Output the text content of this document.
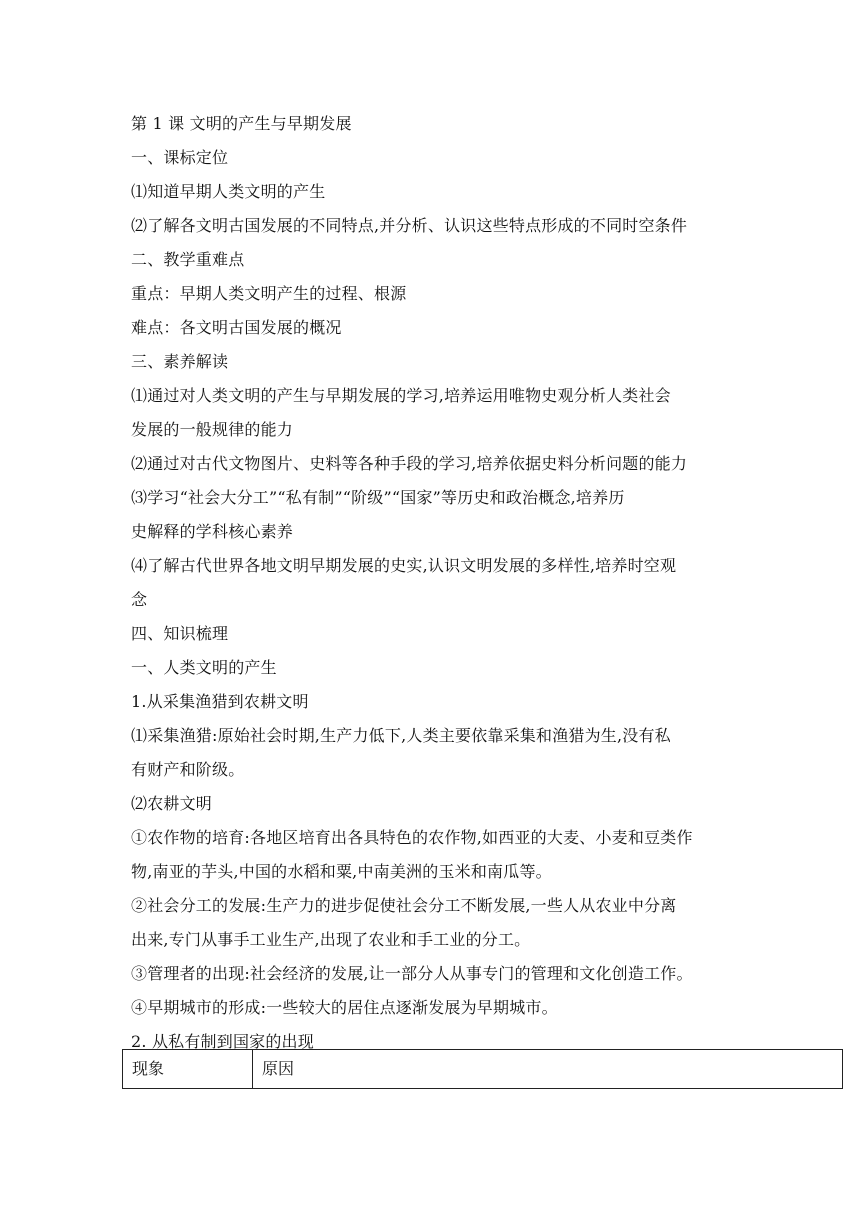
第 1 课 文明的产生与早期发展
一、课标定位
⑴知道早期人类文明的产生
⑵了解各文明古国发展的不同特点,并分析、认识这些特点形成的不同时空条件
二、教学重难点
重点：早期人类文明产生的过程、根源
难点：各文明古国发展的概况
三、素养解读
⑴通过对人类文明的产生与早期发展的学习,培养运用唯物史观分析人类社会
发展的一般规律的能力
⑵通过对古代文物图片、史料等各种手段的学习,培养依据史料分析问题的能力
⑶学习“社会大分工”“私有制”“阶级”“国家”等历史和政治概念,培养历
史解释的学科核心素养
⑷了解古代世界各地文明早期发展的史实,认识文明发展的多样性,培养时空观
念
四、知识梳理
一、人类文明的产生
1.从采集渔猎到农耕文明
⑴采集渔猎:原始社会时期,生产力低下,人类主要依靠采集和渔猎为生,没有私
有财产和阶级。
⑵农耕文明
①农作物的培育:各地区培育出各具特色的农作物,如西亚的大麦、小麦和豆类作
物,南亚的芋头,中国的水稻和粟,中南美洲的玉米和南瓜等。
②社会分工的发展:生产力的进步促使社会分工不断发展,一些人从农业中分离
出来,专门从事手工业生产,出现了农业和手工业的分工。
③管理者的出现:社会经济的发展,让一部分人从事专门的管理和文化创造工作。
④早期城市的形成:一些较大的居住点逐渐发展为早期城市。
2. 从私有制到国家的出现
现象	原因
